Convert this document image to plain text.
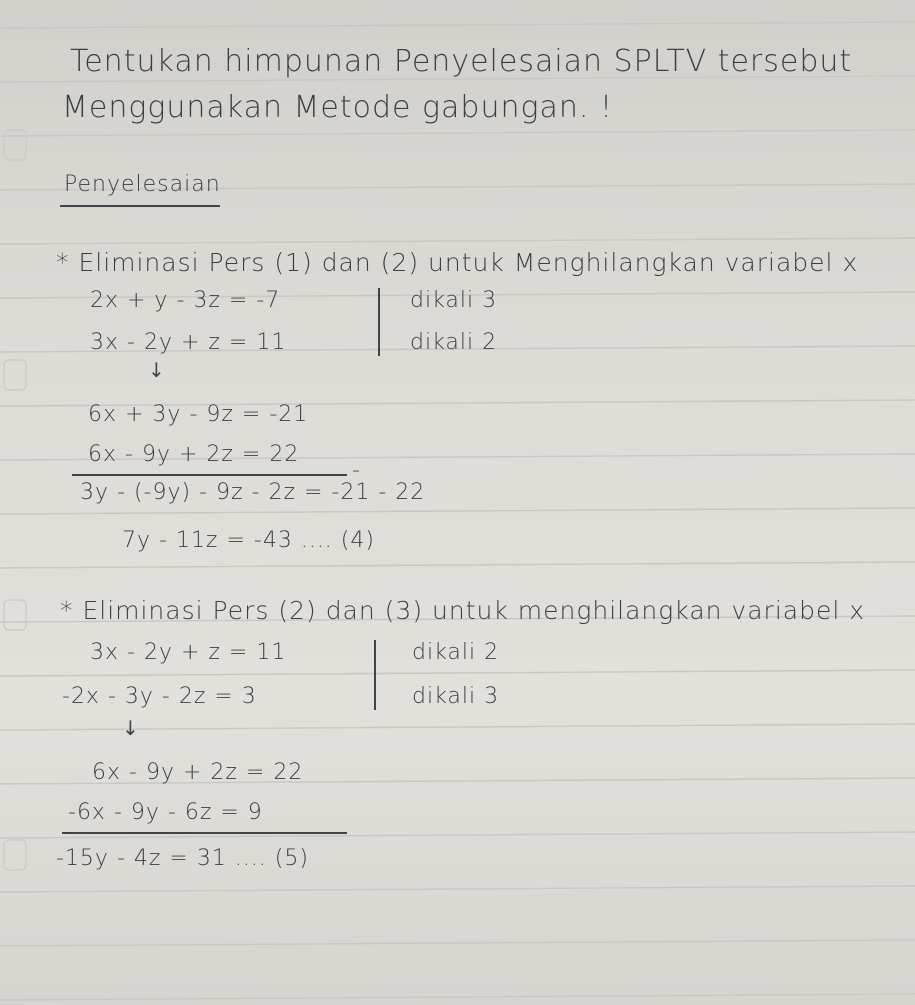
Tentukan himpunan Penyelesaian SPLTV tersebut
Menggunakan Metode gabungan. !
Penyelesaian
* Eliminasi Pers (1) dan (2) untuk Menghilangkan variabel x
2x + y - 3z = -7
3x - 2y + z = 11
dikali 3
dikali 2
↓
6x + 3y - 9z = -21
6x - 9y + 2z = 22
-
3y - (-9y) - 9z - 2z = -21 - 22
7y - 11z = -43 .... (4)
* Eliminasi Pers (2) dan (3) untuk menghilangkan variabel x
3x - 2y + z = 11
-2x - 3y - 2z = 3
dikali 2
dikali 3
↓
6x - 9y + 2z = 22
-6x - 9y - 6z = 9
-15y - 4z = 31 .... (5)
